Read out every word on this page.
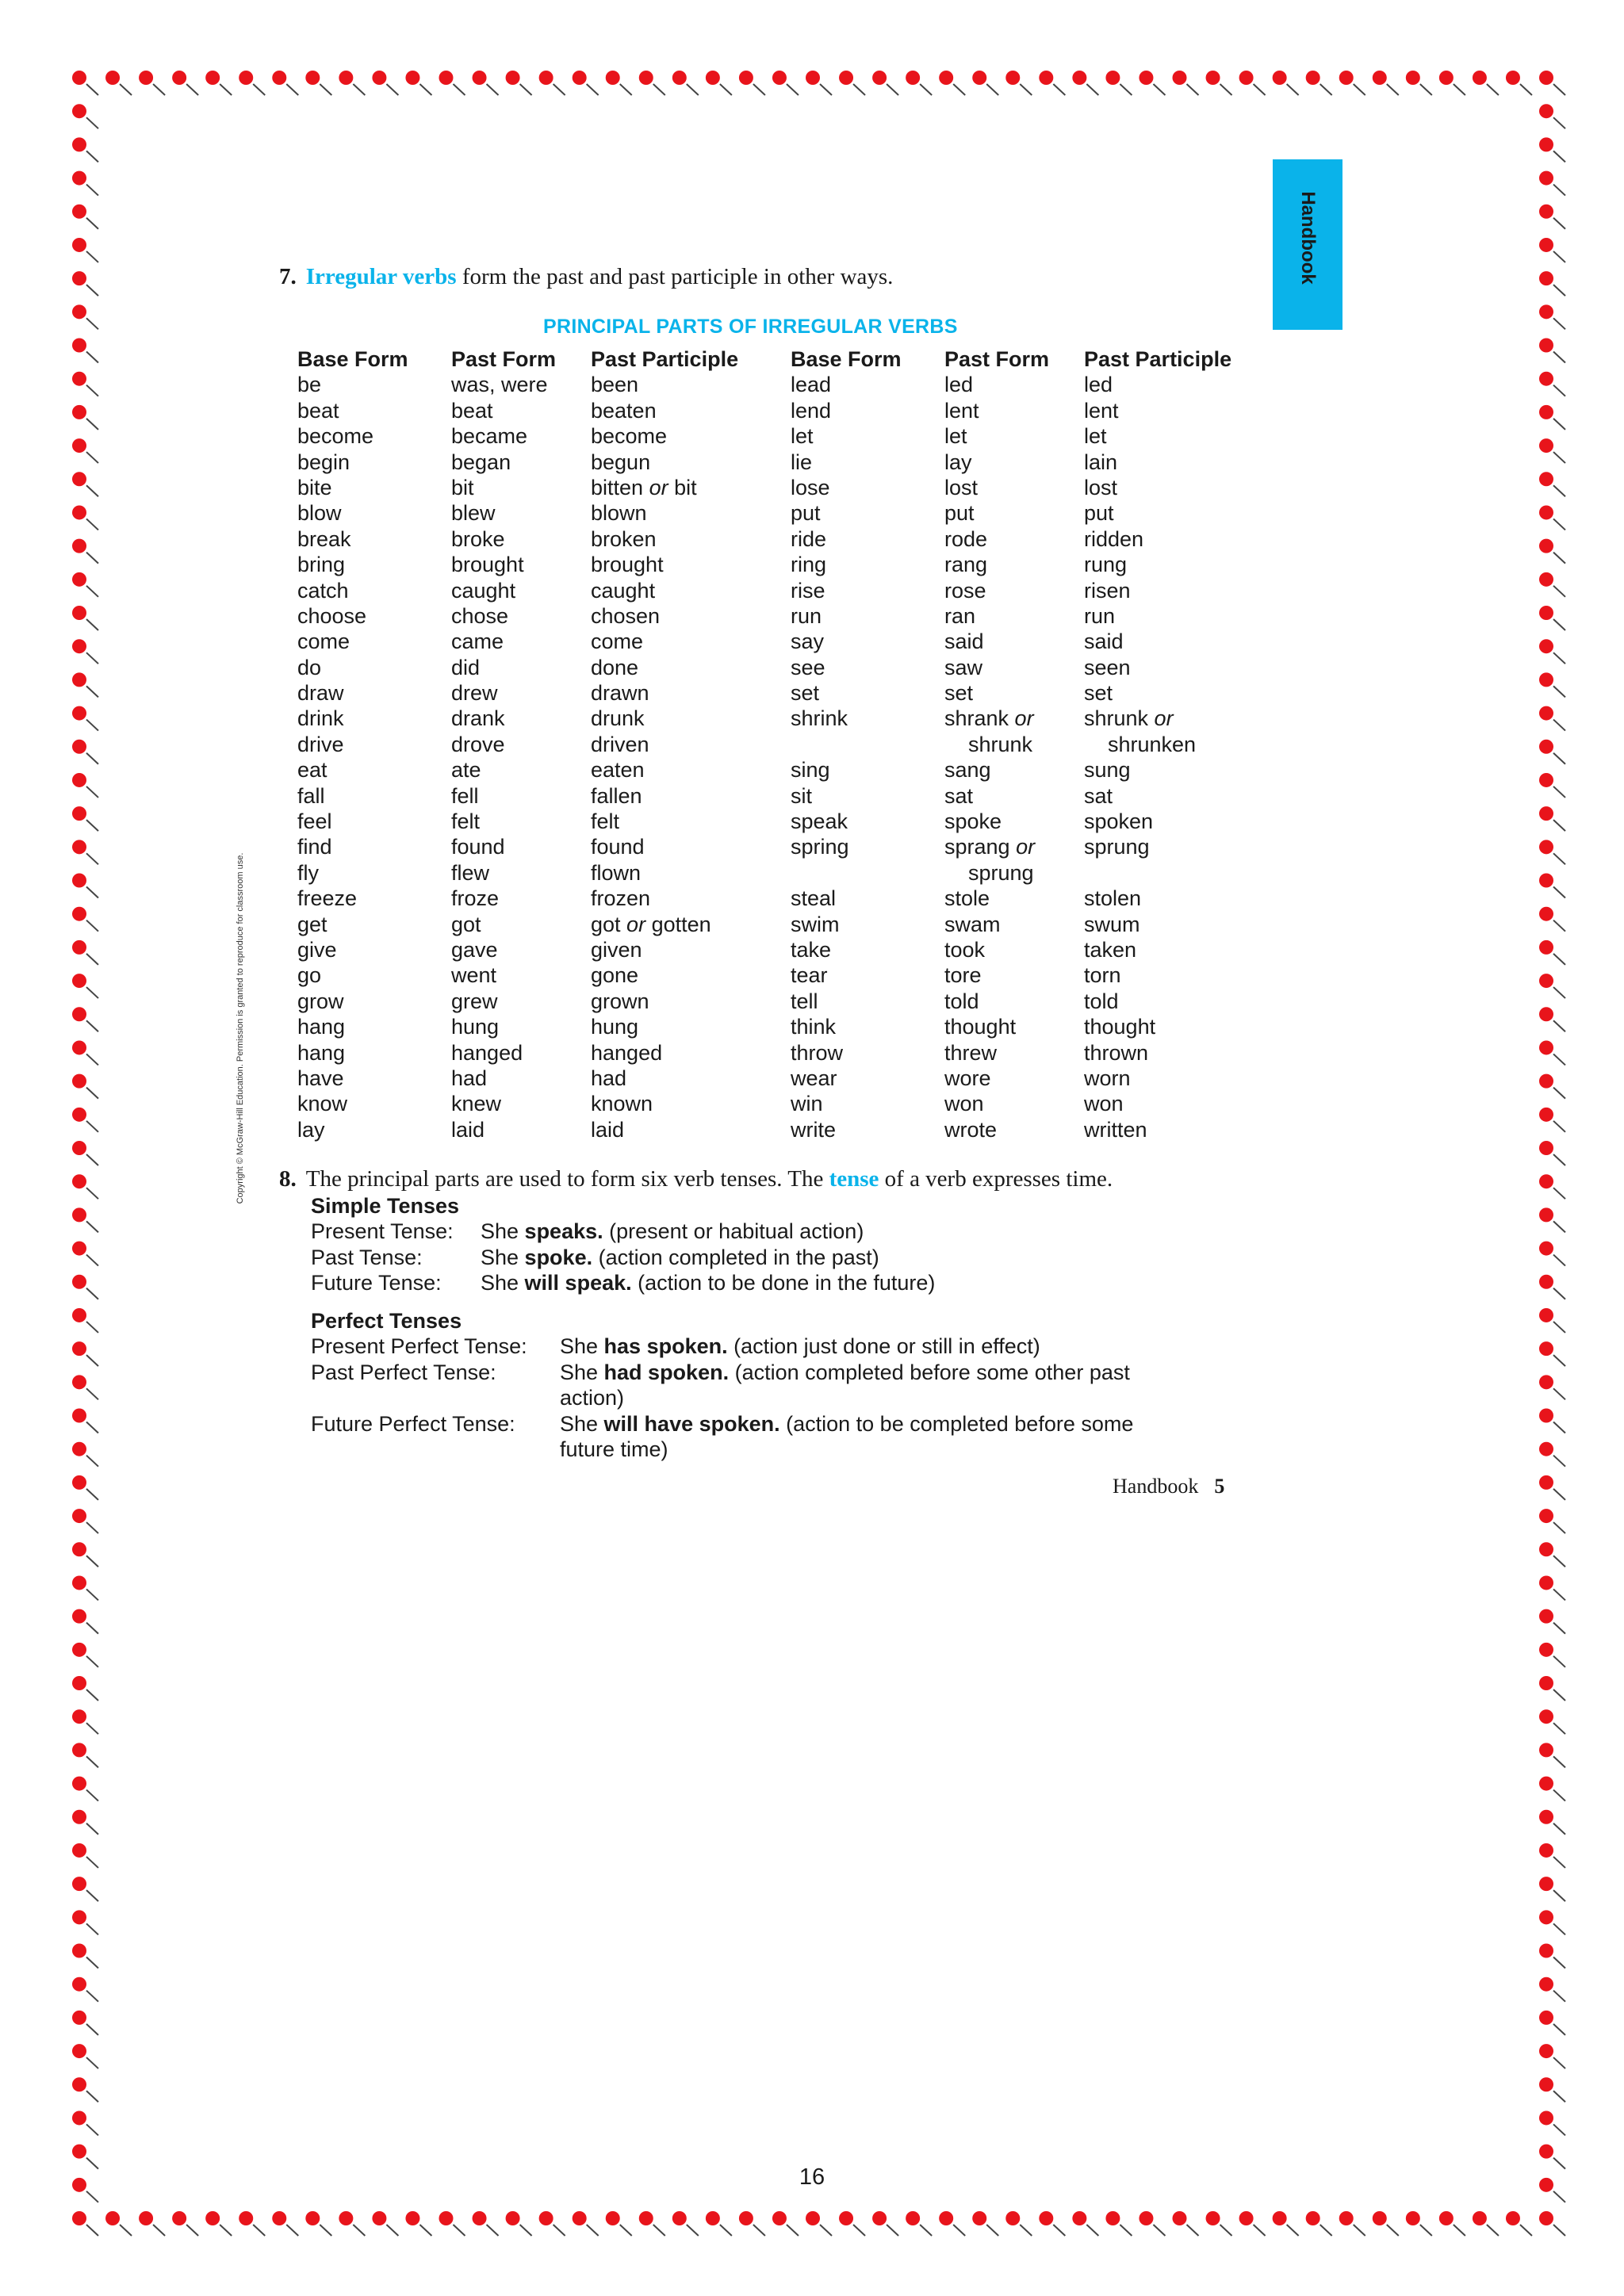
Handbook
Copyright © McGraw-Hill Education. Permission is granted to reproduce for classroom use.
7. Irregular verbs form the past and past participle in other ways.
PRINCIPAL PARTS OF IRREGULAR VERBS
Base Form
be
beat
become
begin
bite
blow
break
bring
catch
choose
come
do
draw
drink
drive
eat
fall
feel
find
fly
freeze
get
give
go
grow
hang
hang
have
know
lay
Past Form
was, were
beat
became
began
bit
blew
broke
brought
caught
chose
came
did
drew
drank
drove
ate
fell
felt
found
flew
froze
got
gave
went
grew
hung
hanged
had
knew
laid
Past Participle
been
beaten
become
begun
bitten or bit
blown
broken
brought
caught
chosen
come
done
drawn
drunk
driven
eaten
fallen
felt
found
flown
frozen
got or gotten
given
gone
grown
hung
hanged
had
known
laid
Base Form
lead
lend
let
lie
lose
put
ride
ring
rise
run
say
see
set
shrink
sing
sit
speak
spring
steal
swim
take
tear
tell
think
throw
wear
win
write
Past Form
led
lent
let
lay
lost
put
rode
rang
rose
ran
said
saw
set
shrank or
shrunk
sang
sat
spoke
sprang or
sprung
stole
swam
took
tore
told
thought
threw
wore
won
wrote
Past Participle
led
lent
let
lain
lost
put
ridden
rung
risen
run
said
seen
set
shrunk or
shrunken
sung
sat
spoken
sprung
stolen
swum
taken
torn
told
thought
thrown
worn
won
written
8. The principal parts are used to form six verb tenses. The tense of a verb expresses time.
Simple Tenses
Present Tense: She speaks. (present or habitual action)
Past Tense:	She spoke. (action completed in the past)
Future Tense: She will speak. (action to be done in the future)
Perfect Tenses
Present Perfect Tense: She has spoken. (action just done or still in effect)
Past Perfect Tense:	She had spoken. (action completed before some other past
action)
Future Perfect Tense: She will have spoken. (action to be completed before some
future time)
Handbook 5
16
